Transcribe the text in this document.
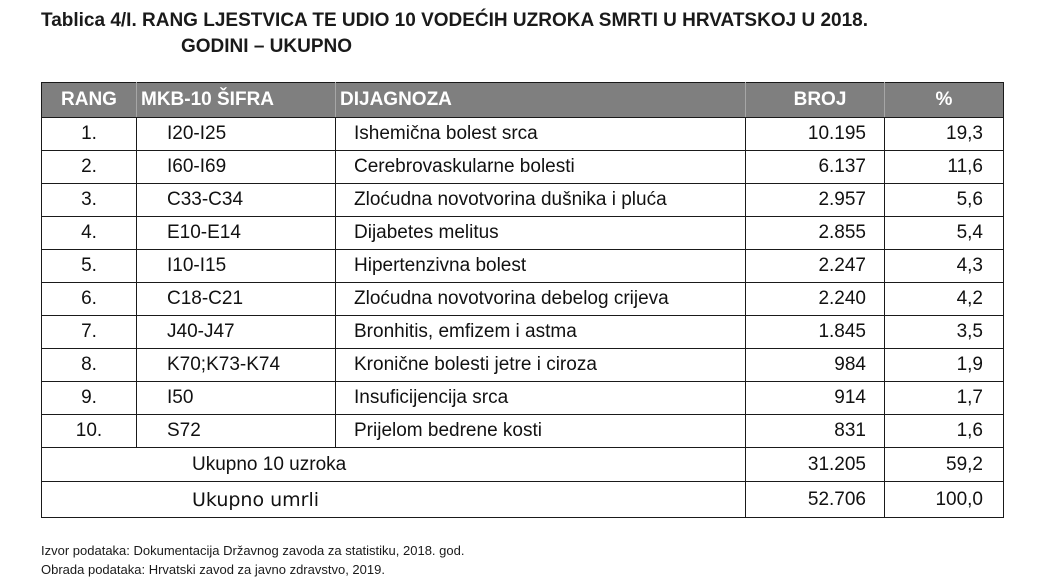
Tablica 4/I. RANG LJESTVICA TE UDIO 10 VODEĆIH UZROKA SMRTI U HRVATSKOJ U 2018.
GODINI – UKUPNO
RANG	MKB-10 ŠIFRA	DIJAGNOZA	BROJ	%
1.	I20-I25	Ishemična bolest srca	10.195	19,3
2.	I60-I69	Cerebrovaskularne bolesti	6.137	11,6
3.	C33-C34	Zloćudna novotvorina dušnika i pluća	2.957	5,6
4.	E10-E14	Dijabetes melitus	2.855	5,4
5.	I10-I15	Hipertenzivna bolest	2.247	4,3
6.	C18-C21	Zloćudna novotvorina debelog crijeva	2.240	4,2
7.	J40-J47	Bronhitis, emfizem i astma	1.845	3,5
8.	K70;K73-K74	Kronične bolesti jetre i ciroza	984	1,9
9.	I50	Insuficijencija srca	914	1,7
10.	S72	Prijelom bedrene kosti	831	1,6
Ukupno 10 uzroka			31.205	59,2
Ukupno umrli			52.706	100,0
Izvor podataka: Dokumentacija Državnog zavoda za statistiku, 2018. god.
Obrada podataka: Hrvatski zavod za javno zdravstvo, 2019.
